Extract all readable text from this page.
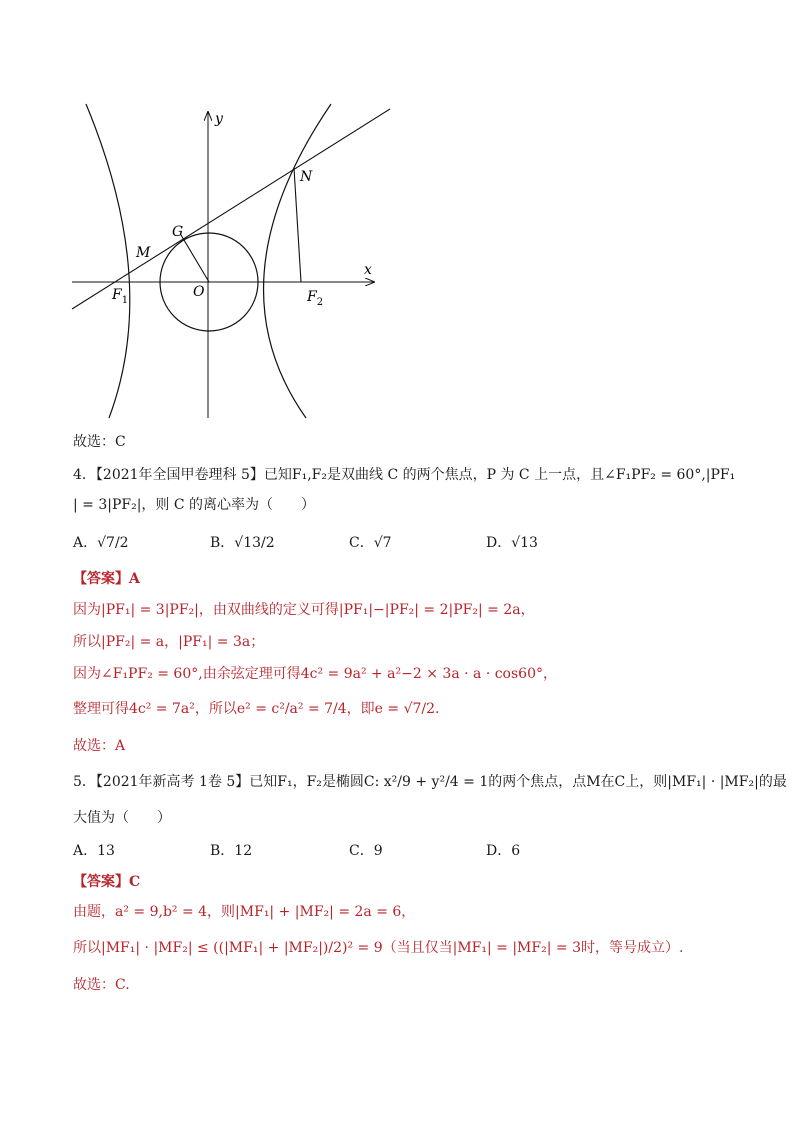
y
x
N
G
M
O
$F_1$	$F_2$
故选：C
4．【2021年全国甲卷理科 5】已知F₁,F₂是双曲线 C 的两个焦点，P 为 C 上一点，且∠F₁PF₂ = 60°,|PF₁
| = 3|PF₂|，则 C 的离心率为（　　）
A．√7/2	B．√13/2	C．√7	D．√13
【答案】A
因为|PF₁| = 3|PF₂|，由双曲线的定义可得|PF₁|−|PF₂| = 2|PF₂| = 2a，
所以|PF₂| = a，|PF₁| = 3a；
因为∠F₁PF₂ = 60°,由余弦定理可得4c² = 9a² + a²−2 × 3a · a · cos60°，
整理可得4c² = 7a²，所以e² = c²/a² = 7/4，即e = √7/2.
故选：A
5．【2021年新高考 1卷 5】已知F₁，F₂是椭圆C: x²/9 + y²/4 = 1的两个焦点，点M在C上，则|MF₁| · |MF₂|的最
大值为（　　）
A．13	B．12	C．9	D．6
【答案】C
由题，a² = 9,b² = 4，则|MF₁| + |MF₂| = 2a = 6，
所以|MF₁| · |MF₂| ≤ ((|MF₁| + |MF₂|)/2)² = 9（当且仅当|MF₁| = |MF₂| = 3时，等号成立）.
故选：C.
